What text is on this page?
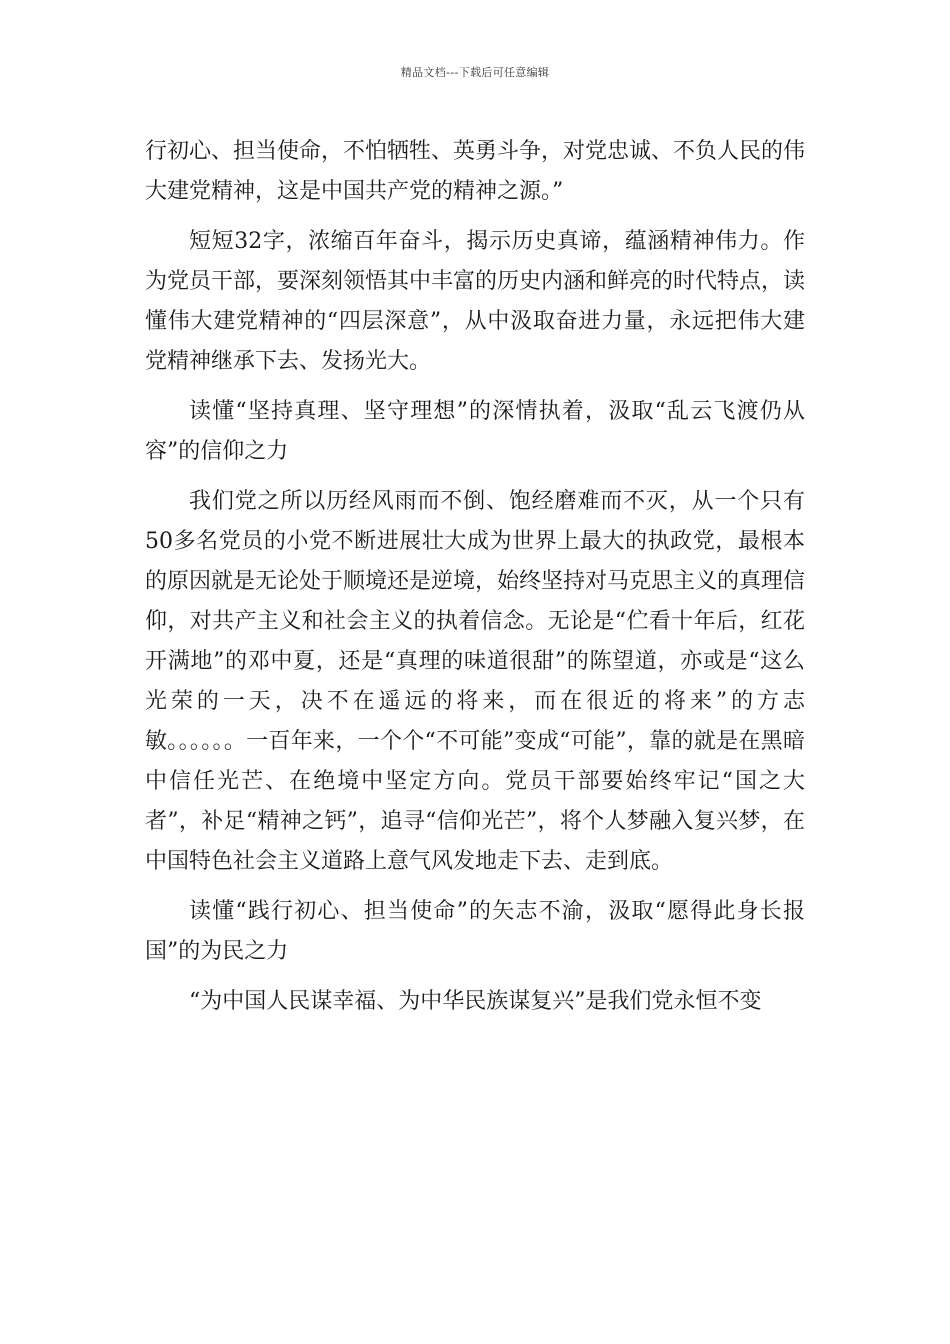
精品文档---下载后可任意编辑

行初心、担当使命，不怕牺牲、英勇斗争，对党忠诚、不负人民的伟大建党精神，这是中国共产党的精神之源。”

短短32字，浓缩百年奋斗，揭示历史真谛，蕴涵精神伟力。作为党员干部，要深刻领悟其中丰富的历史内涵和鲜亮的时代特点，读懂伟大建党精神的“四层深意”，从中汲取奋进力量，永远把伟大建党精神继承下去、发扬光大。

读懂“坚持真理、坚守理想”的深情执着，汲取“乱云飞渡仍从容”的信仰之力

我们党之所以历经风雨而不倒、饱经磨难而不灭，从一个只有50多名党员的小党不断进展壮大成为世界上最大的执政党，最根本的原因就是无论处于顺境还是逆境，始终坚持对马克思主义的真理信仰，对共产主义和社会主义的执着信念。无论是“伫看十年后，红花开满地”的邓中夏，还是“真理的味道很甜”的陈望道，亦或是“这么光荣的一天，决不在遥远的将来，而在很近的将来”的方志敏。。。。。。一百年来，一个个“不可能”变成“可能”，靠的就是在黑暗中信任光芒、在绝境中坚定方向。党员干部要始终牢记“国之大者”，补足“精神之钙”，追寻“信仰光芒”，将个人梦融入复兴梦，在中国特色社会主义道路上意气风发地走下去、走到底。

读懂“践行初心、担当使命”的矢志不渝，汲取“愿得此身长报国”的为民之力

“为中国人民谋幸福、为中华民族谋复兴”是我们党永恒不变
